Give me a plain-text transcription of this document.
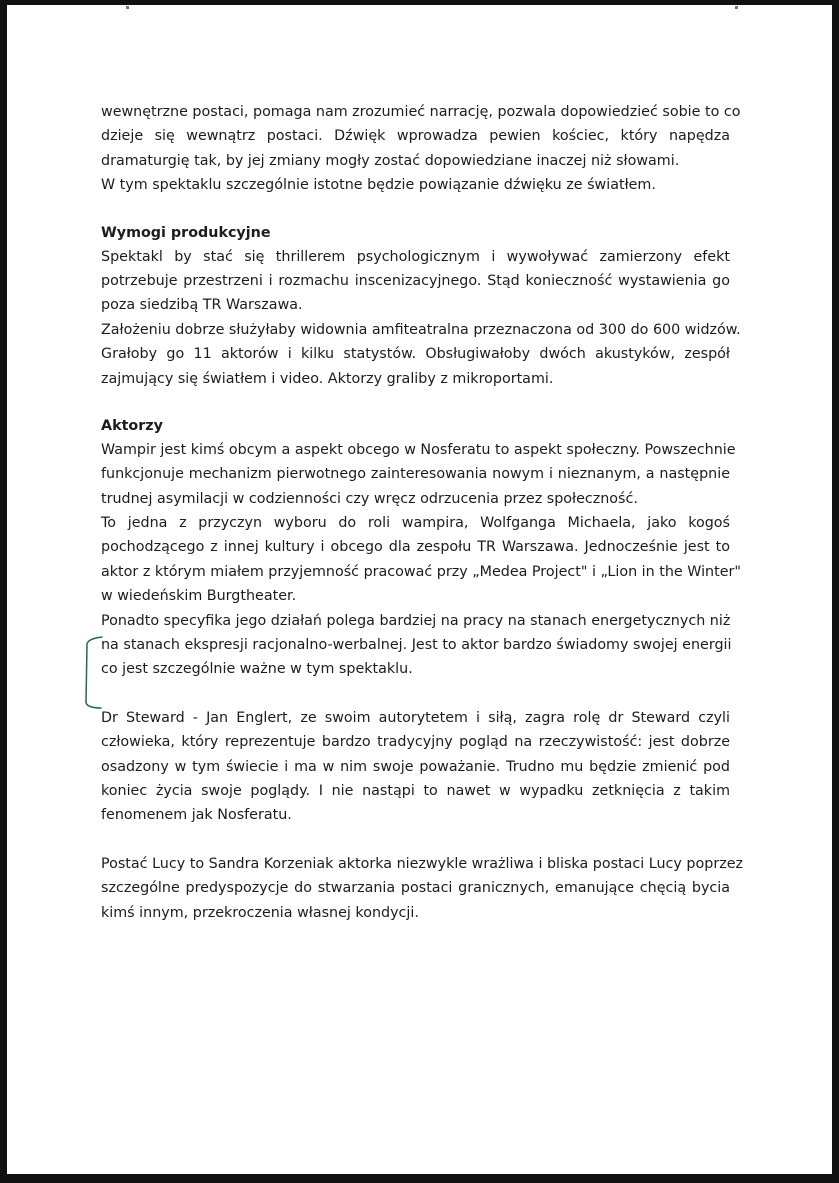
wewnętrzne postaci, pomaga nam zrozumieć narrację, pozwala dopowiedzieć sobie to co
dzieje się wewnątrz postaci. Dźwięk wprowadza pewien kościec, który napędza
dramaturgię tak, by jej zmiany mogły zostać dopowiedziane inaczej niż słowami.
W tym spektaklu szczególnie istotne będzie powiązanie dźwięku ze światłem.
Wymogi produkcyjne
Spektakl by stać się thrillerem psychologicznym i wywoływać zamierzony efekt
potrzebuje przestrzeni i rozmachu inscenizacyjnego. Stąd konieczność wystawienia go
poza siedzibą TR Warszawa.
Założeniu dobrze służyłaby widownia amfiteatralna przeznaczona od 300 do 600 widzów.
Grałoby go 11 aktorów i kilku statystów. Obsługiwałoby dwóch akustyków, zespół
zajmujący się światłem i video. Aktorzy graliby z mikroportami.
Aktorzy
Wampir jest kimś obcym a aspekt obcego w Nosferatu to aspekt społeczny. Powszechnie
funkcjonuje mechanizm pierwotnego zainteresowania nowym i nieznanym, a następnie
trudnej asymilacji w codzienności czy wręcz odrzucenia przez społeczność.
To jedna z przyczyn wyboru do roli wampira, Wolfganga Michaela, jako kogoś
pochodzącego z innej kultury i obcego dla zespołu TR Warszawa. Jednocześnie jest to
aktor z którym miałem przyjemność pracować przy „Medea Project" i „Lion in the Winter"
w wiedeńskim Burgtheater.
Ponadto specyfika jego działań polega bardziej na pracy na stanach energetycznych niż
na stanach ekspresji racjonalno-werbalnej. Jest to aktor bardzo świadomy swojej energii
co jest szczególnie ważne w tym spektaklu.
Dr Steward - Jan Englert, ze swoim autorytetem i siłą, zagra rolę dr Steward czyli
człowieka, który reprezentuje bardzo tradycyjny pogląd na rzeczywistość: jest dobrze
osadzony w tym świecie i ma w nim swoje poważanie. Trudno mu będzie zmienić pod
koniec życia swoje poglądy. I nie nastąpi to nawet w wypadku zetknięcia z takim
fenomenem jak Nosferatu.
Postać Lucy to Sandra Korzeniak aktorka niezwykle wrażliwa i bliska postaci Lucy poprzez
szczególne predyspozycje do stwarzania postaci granicznych, emanujące chęcią bycia
kimś innym, przekroczenia własnej kondycji.
